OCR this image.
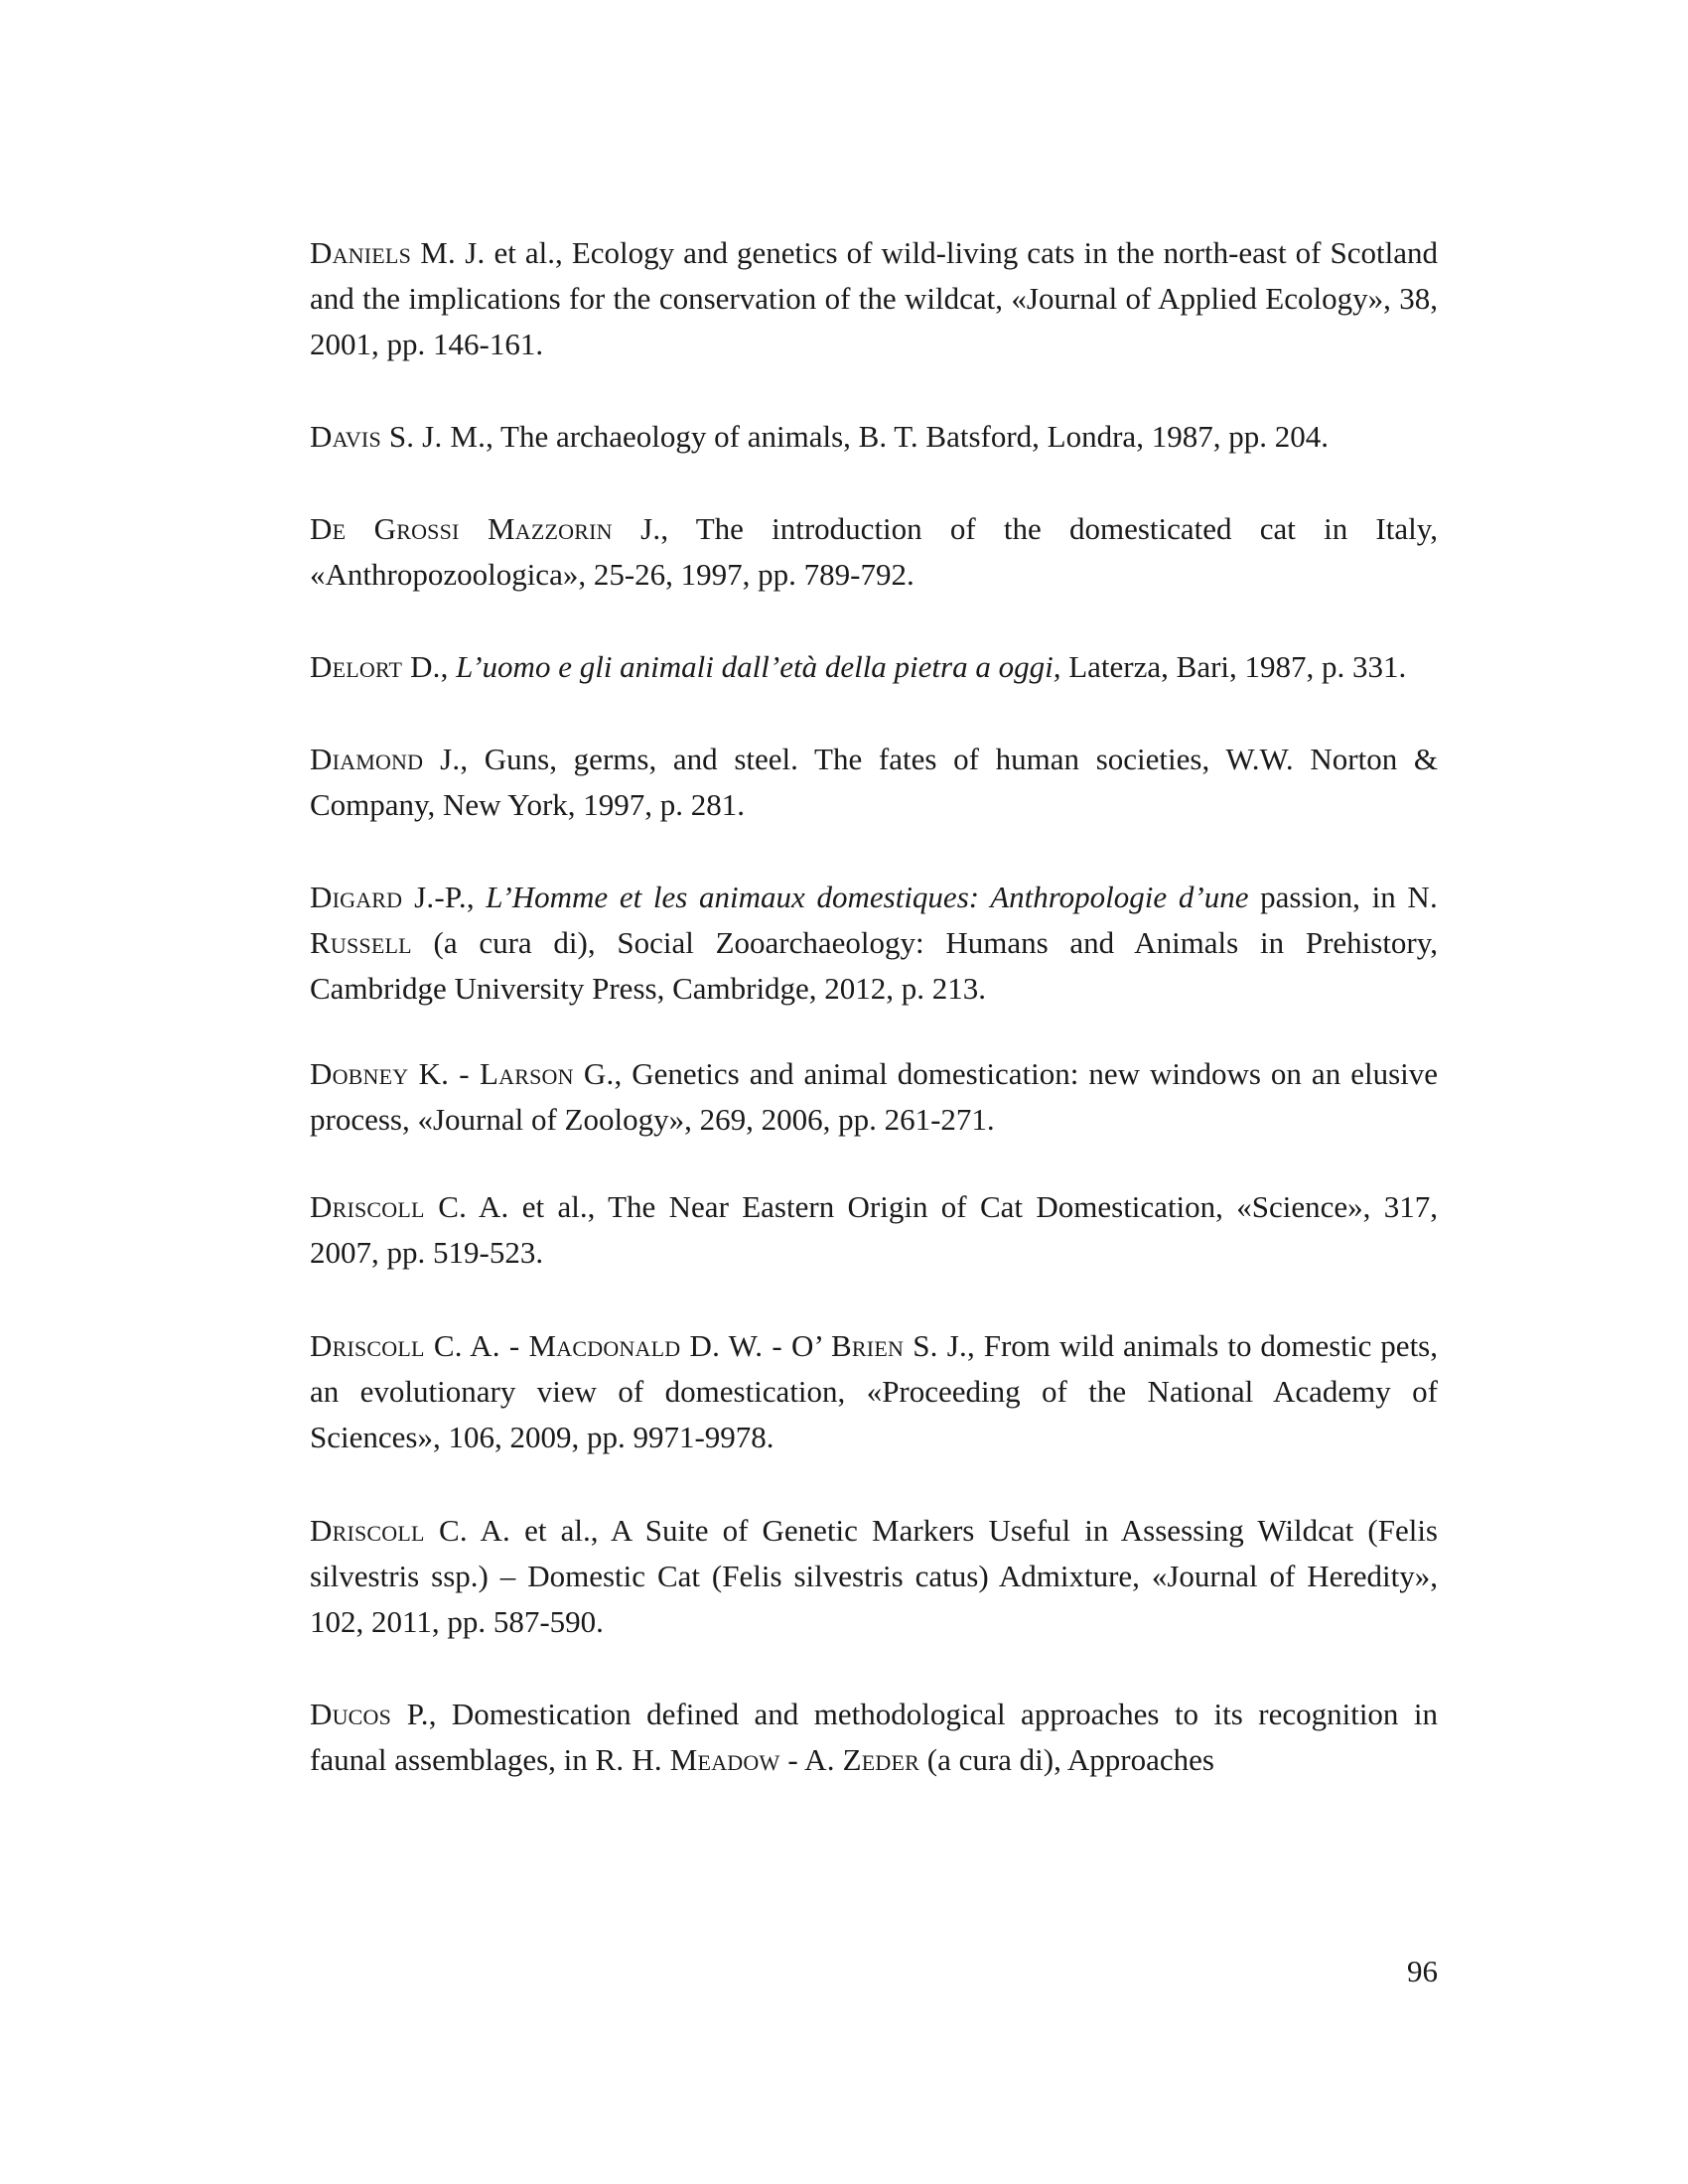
Daniels M. J. et al., Ecology and genetics of wild-living cats in the north-east of Scotland and the implications for the conservation of the wildcat, «Journal of Applied Ecology», 38, 2001, pp. 146-161.
Davis S. J. M., The archaeology of animals, B. T. Batsford, Londra, 1987, pp. 204.
De Grossi Mazzorin J., The introduction of the domesticated cat in Italy, «Anthropozoologica», 25-26, 1997, pp. 789-792.
Delort D., L’uomo e gli animali dall’età della pietra a oggi, Laterza, Bari, 1987, p. 331.
Diamond J., Guns, germs, and steel. The fates of human societies, W.W. Norton & Company, New York, 1997, p. 281.
Digard J.-P., L’Homme et les animaux domestiques: Anthropologie d’une passion, in N. Russell (a cura di), Social Zooarchaeology: Humans and Animals in Prehistory, Cambridge University Press, Cambridge, 2012, p. 213.
Dobney K. - Larson G., Genetics and animal domestication: new windows on an elusive process, «Journal of Zoology», 269, 2006, pp. 261-271.
Driscoll C. A. et al., The Near Eastern Origin of Cat Domestication, «Science», 317, 2007, pp. 519-523.
Driscoll C. A. - Macdonald D. W. - O’ Brien S. J., From wild animals to domestic pets, an evolutionary view of domestication, «Proceeding of the National Academy of Sciences», 106, 2009, pp. 9971-9978.
Driscoll C. A. et al., A Suite of Genetic Markers Useful in Assessing Wildcat (Felis silvestris ssp.) – Domestic Cat (Felis silvestris catus) Admixture, «Journal of Heredity», 102, 2011, pp. 587-590.
Ducos P., Domestication defined and methodological approaches to its recognition in faunal assemblages, in R. H. Meadow - A. Zeder (a cura di), Approaches
96
